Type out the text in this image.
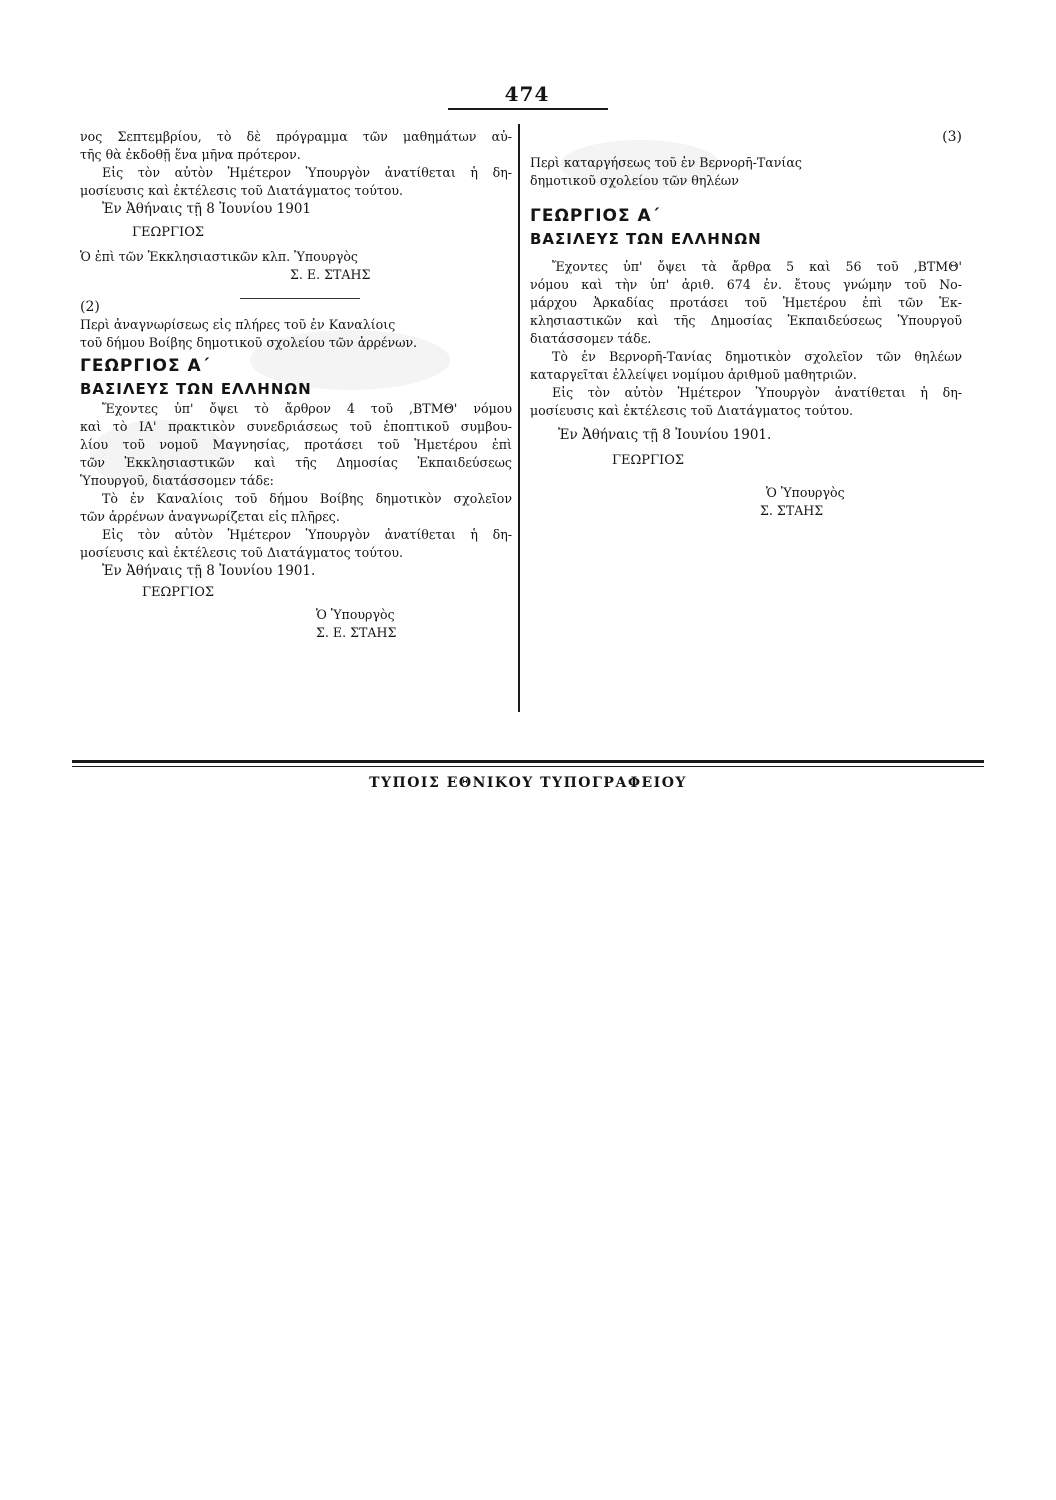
474

νος Σεπτεμβρίου, τὸ δὲ πρόγραμμα τῶν μαθημάτων αὐ-

τῆς θὰ ἐκδοθῇ ἕνα μῆνα πρότερον.

Εἰς τὸν αὐτὸν Ἡμέτερον Ὑπουργὸν ἀνατίθεται ἡ δη-

μοσίευσις καὶ ἐκτέλεσις τοῦ Διατάγματος τούτου.

Ἐν Ἀθήναις τῇ 8 Ἰουνίου 1901

ΓΕΩΡΓΙΟΣ

Ὁ ἐπὶ τῶν Ἐκκλησιαστικῶν κλπ. Ὑπουργὸς

Σ. Ε. ΣΤΑΗΣ

(2)

Περὶ ἀναγνωρίσεως εἰς πλήρες τοῦ ἐν Καναλίοις

τοῦ δήμου Βοίβης δημοτικοῦ σχολείου τῶν ἀρρένων.

ΓΕΩΡΓΙΟΣ Α΄

ΒΑΣΙΛΕΥΣ ΤΩΝ ΕΛΛΗΝΩΝ

Ἔχοντες ὑπ' ὄψει τὸ ἄρθρον 4 τοῦ ,ΒΤΜΘ' νόμου

καὶ τὸ ΙΑ' πρακτικὸν συνεδριάσεως τοῦ ἐποπτικοῦ συμβου-

λίου τοῦ νομοῦ Μαγνησίας, προτάσει τοῦ Ἡμετέρου ἐπὶ

τῶν Ἐκκλησιαστικῶν καὶ τῆς Δημοσίας Ἐκπαιδεύσεως

Ὑπουργοῦ, διατάσσομεν τάδε:

Τὸ ἐν Καναλίοις τοῦ δήμου Βοίβης δημοτικὸν σχολεῖον

τῶν ἀρρένων ἀναγνωρίζεται εἰς πλῆρες.

Εἰς τὸν αὐτὸν Ἡμέτερον Ὑπουργὸν ἀνατίθεται ἡ δη-

μοσίευσις καὶ ἐκτέλεσις τοῦ Διατάγματος τούτου.

Ἐν Ἀθήναις τῇ 8 Ἰουνίου 1901.

ΓΕΩΡΓΙΟΣ

Ὁ Ὑπουργὸς

Σ. Ε. ΣΤΑΗΣ

(3)

Περὶ καταργήσεως τοῦ ἐν Βερνορῆ-Τανίας

δημοτικοῦ σχολείου τῶν θηλέων

ΓΕΩΡΓΙΟΣ Α΄

ΒΑΣΙΛΕΥΣ ΤΩΝ ΕΛΛΗΝΩΝ

Ἔχοντες ὑπ' ὄψει τὰ ἄρθρα 5 καὶ 56 τοῦ ,ΒΤΜΘ'

νόμου καὶ τὴν ὑπ' ἀριθ. 674 ἐν. ἔτους γνώμην τοῦ Νο-

μάρχου Ἀρκαδίας προτάσει τοῦ Ἡμετέρου ἐπὶ τῶν Ἐκ-

κλησιαστικῶν καὶ τῆς Δημοσίας Ἐκπαιδεύσεως Ὑπουργοῦ

διατάσσομεν τάδε.

Τὸ ἐν Βερνορῆ-Τανίας δημοτικὸν σχολεῖον τῶν θηλέων

καταργεῖται ἐλλείψει νομίμου ἀριθμοῦ μαθητριῶν.

Εἰς τὸν αὐτὸν Ἡμέτερον Ὑπουργὸν ἀνατίθεται ἡ δη-

μοσίευσις καὶ ἐκτέλεσις τοῦ Διατάγματος τούτου.

Ἐν Ἀθήναις τῇ 8 Ἰουνίου 1901.

ΓΕΩΡΓΙΟΣ

Ὁ Ὑπουργὸς

Σ. ΣΤΑΗΣ

ΤΥΠΟΙΣ ΕΘΝΙΚΟΥ ΤΥΠΟΓΡΑΦΕΙΟΥ
